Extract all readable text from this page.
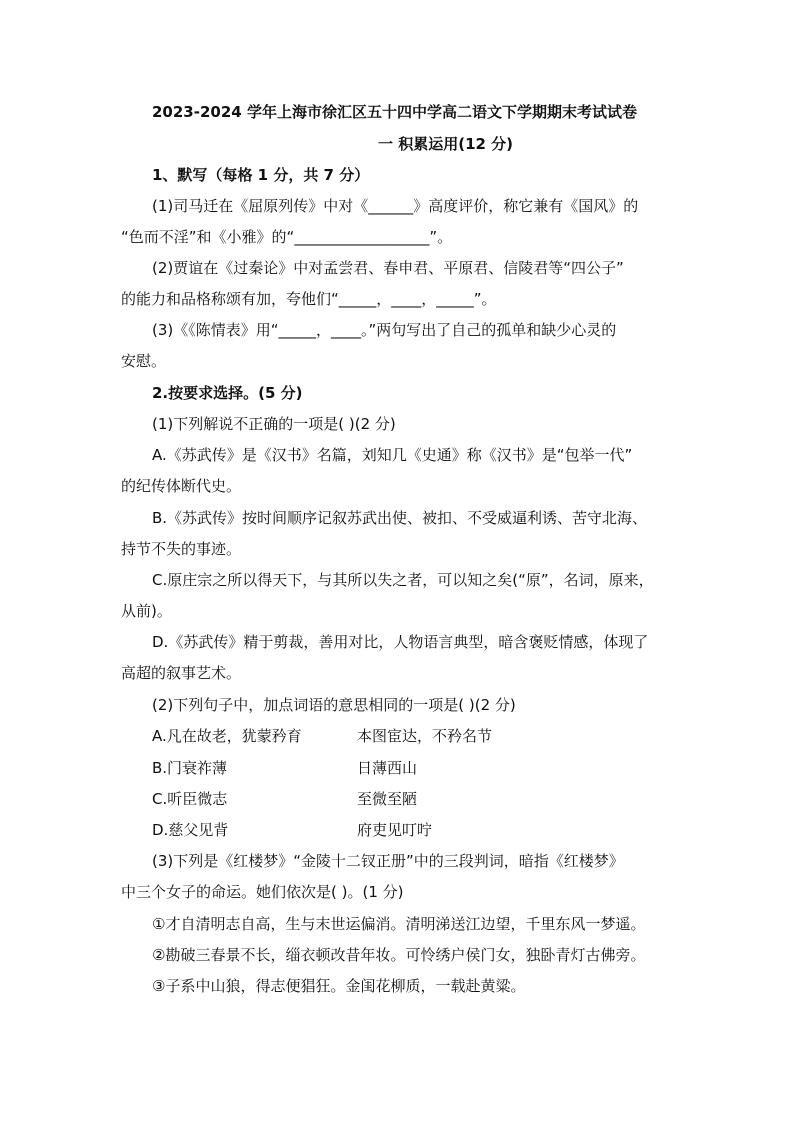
2023-2024 学年上海市徐汇区五十四中学高二语文下学期期末考试试卷
一 积累运用(12 分)
1、默写（每格 1 分，共 7 分）
(1)司马迁在《屈原列传》中对《______》高度评价，称它兼有《国风》的
“色而不淫”和《小雅》的“__________________”。
(2)贾谊在《过秦论》中对孟尝君、春申君、平原君、信陵君等“四公子”
的能力和品格称颂有加，夸他们“_____，____，_____”。
(3)《《陈情表》用“_____，____。”两句写出了自己的孤单和缺少心灵的
安慰。
2.按要求选择。(5 分)
(1)下列解说不正确的一项是( )(2 分)
A.《苏武传》是《汉书》名篇，刘知几《史通》称《汉书》是“包举一代”
的纪传体断代史。
B.《苏武传》按时间顺序记叙苏武出使、被扣、不受威逼利诱、苦守北海、
持节不失的事迹。
C.原庄宗之所以得天下，与其所以失之者，可以知之矣(“原”，名词，原来，
从前)。
D.《苏武传》精于剪裁，善用对比，人物语言典型，暗含褒贬情感，体现了
高超的叙事艺术。
(2)下列句子中，加点词语的意思相同的一项是( )(2 分)
A.凡在故老，犹蒙矜育	本图宦达，不矜名节
B.门衰祚薄	日薄西山
C.听臣微志	至微至陋
D.慈父见背	府吏见叮咛
(3)下列是《红楼梦》“金陵十二钗正册”中的三段判词，暗指《红楼梦》
中三个女子的命运。她们依次是( )。(1 分)
①才自清明志自高，生与末世运偏消。清明涕送江边望，千里东风一梦遥。
②勘破三春景不长，缁衣顿改昔年妆。可怜绣户侯门女，独卧青灯古佛旁。
③子系中山狼，得志便猖狂。金闺花柳质，一载赴黄粱。
